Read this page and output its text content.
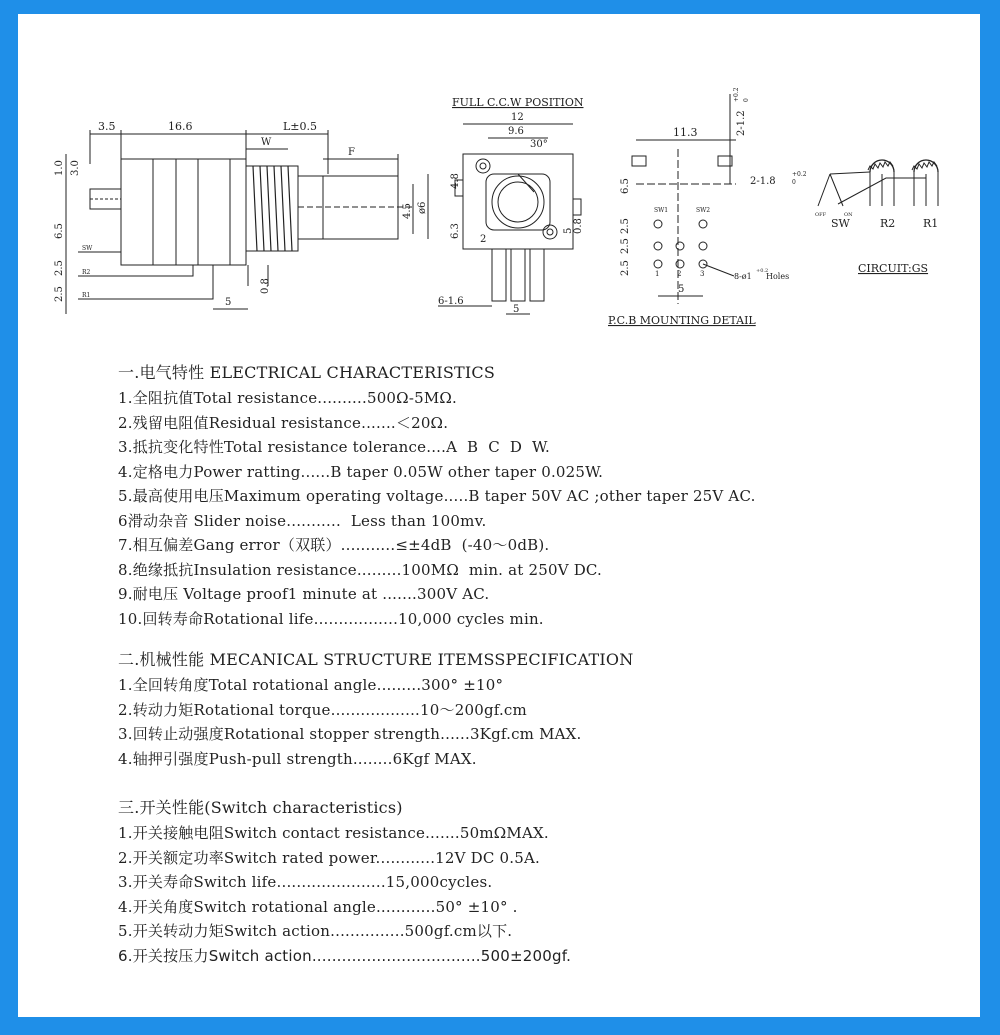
3.5	16.6	L±0.5
W
F
SW
R2
R1
1.0 3.0
6.5
2.5
2.5
4.5 ø6
5
0.8
FULL C.C.W POSITION
12
9.6
30°
4.8
6.3
2
5 0.8
6-1.6
5
11.3	2-1.2
+0.2 0
2-1.8
+0.2
0
6.5
2.5
2.5
2.5
SW1	SW2
1	2	3	8-ø1
+0.2
Holes
5
P.C.B MOUNTING DETAIL
OFF	ON
SW	R2	R1
CIRCUIT:GS
一.电气特性 ELECTRICAL CHARACTERISTICS
1.全阻抗值Total resistance..........500Ω-5MΩ.
2.残留电阻值Residual resistance.......＜20Ω.
3.抵抗变化特性Total resistance tolerance....A  B  C  D  W.
4.定格电力Power ratting......B taper 0.05W other taper 0.025W.
5.最高使用电压Maximum operating voltage.....B taper 50V AC ;other taper 25V AC.
6滑动杂音 Slider noise...........  Less than 100mv.
7.相互偏差Gang error（双联）...........≤±4dB  (-40～0dB).
8.绝缘抵抗Insulation resistance.........100MΩ  min. at 250V DC.
9.耐电压 Voltage proof1 minute at .......300V AC.
10.回转寿命Rotational life.................10,000 cycles min.
二.机械性能 MECANICAL STRUCTURE ITEMSSPECIFICATION
1.全回转角度Total rotational angle.........300° ±10°
2.转动力矩Rotational torque..................10～200gf.cm
3.回转止动强度Rotational stopper strength......3Kgf.cm MAX.
4.轴押引强度Push-pull strength........6Kgf MAX.
三.开关性能(Switch characteristics)
1.开关接触电阻Switch contact resistance.......50mΩMAX.
2.开关额定功率Switch rated power............12V DC 0.5A.
3.开关寿命Switch life......................15,000cycles.
4.开关角度Switch rotational angle............50° ±10° .
5.开关转动力矩Switch action...............500gf.cm以下.
6.开关按压力Switch action..................................500±200gf.
